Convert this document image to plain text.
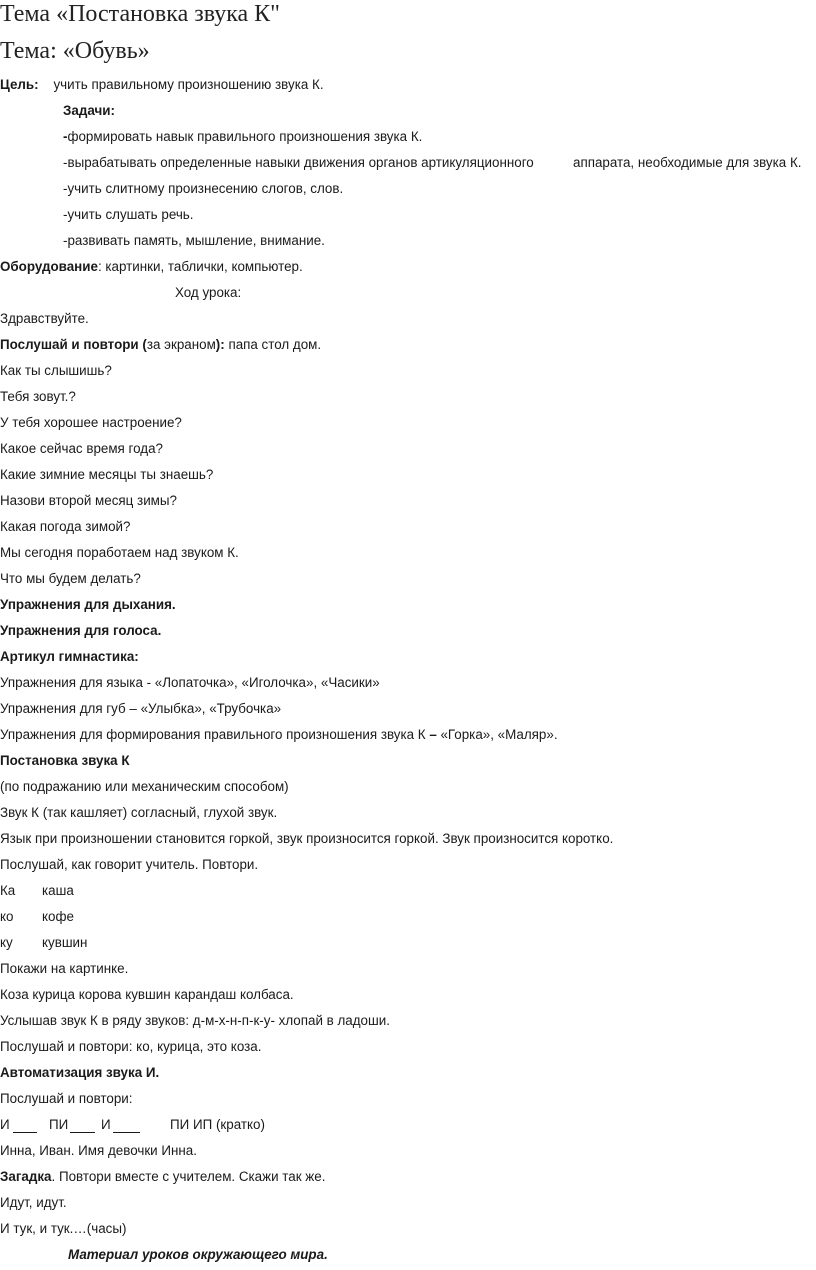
Тема «Постановка звука К"
Тема: «Обувь»
Цель: учить правильному произношению звука К.
Задачи:
-формировать навык правильного произношения звука К.
-вырабатывать определенные навыки движения органов артикуляционного	аппарата, необходимые для звука К.
-учить слитному произнесению слогов, слов.
-учить слушать речь.
-развивать память, мышление, внимание.
Оборудование: картинки, таблички, компьютер.
Ход урока:
Здравствуйте.
Послушай и повтори (за экраном): папа стол дом.
Как ты слышишь?
Тебя зовут.?
У тебя хорошее настроение?
Какое сейчас время года?
Какие зимние месяцы ты знаешь?
Назови второй месяц зимы?
Какая погода зимой?
Мы сегодня поработаем над звуком К.
Что мы будем делать?
Упражнения для дыхания.
Упражнения для голоса.
Артикул гимнастика:
Упражнения для языка - «Лопаточка», «Иголочка», «Часики»
Упражнения для губ – «Улыбка», «Трубочка»
Упражнения для формирования правильного произношения звука К – «Горка», «Маляр».
Постановка звука К
(по подражанию или механическим способом)
Звук К (так кашляет) согласный, глухой звук.
Язык при произношении становится горкой, звук произносится горкой. Звук произносится коротко.
Послушай, как говорит учитель. Повтори.
Ка каша
ко кофе
ку кувшин
Покажи на картинке.
Коза курица корова кувшин карандаш колбаса.
Услышав звук К в ряду звуков: д-м-х-н-п-к-у- хлопай в ладоши.
Послушай и повтори: ко, курица, это коза.
Автоматизация звука И.
Послушай и повтори:
И	ПИ И	ПИ ИП (кратко)
Инна, Иван. Имя девочки Инна.
Загадка. Повтори вместе с учителем. Скажи так же.
Идут, идут.
И тук, и тук.…(часы)
Материал уроков окружающего мира.
